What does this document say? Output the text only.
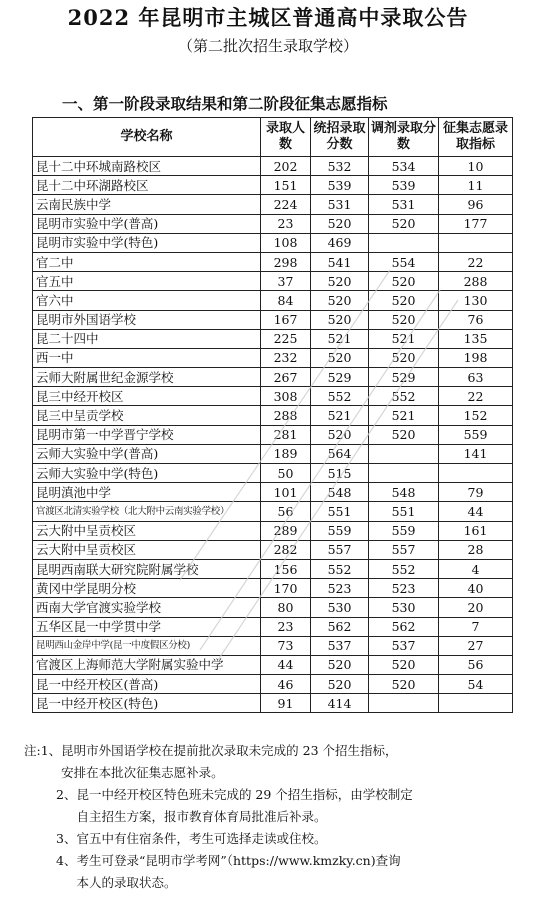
2022 年昆明市主城区普通高中录取公告
（第二批次招生录取学校）
一、第一阶段录取结果和第二阶段征集志愿指标
学校名称	录取人数	统招录取分数	调剂录取分数	征集志愿录取指标
昆十二中环城南路校区	202	532	534	10
昆十二中环湖路校区	151	539	539	11
云南民族中学	224	531	531	96
昆明市实验中学(普高)	23	520	520	177
昆明市实验中学(特色)	108	469		
官二中	298	541	554	22
官五中	37	520	520	288
官六中	84	520	520	130
昆明市外国语学校	167	520	520	76
昆二十四中	225	521	521	135
西一中	232	520	520	198
云师大附属世纪金源学校	267	529	529	63
昆三中经开校区	308	552	552	22
昆三中呈贡学校	288	521	521	152
昆明市第一中学晋宁学校	281	520	520	559
云师大实验中学(普高)	189	564		141
云师大实验中学(特色)	50	515		
昆明滇池中学	101	548	548	79
官渡区北清实验学校（北大附中云南实验学校）	56	551	551	44
云大附中呈贡校区	289	559	559	161
云大附中呈贡校区	282	557	557	28
昆明西南联大研究院附属学校	156	552	552	4
黄冈中学昆明分校	170	523	523	40
西南大学官渡实验学校	80	530	530	20
五华区昆一中学贯中学	23	562	562	7
昆明西山金岸中学(昆一中度假区分校)	73	537	537	27
官渡区上海师范大学附属实验中学	44	520	520	56
昆一中经开校区(普高)	46	520	520	54
昆一中经开校区(特色)	91	414		
注:1、 昆明市外国语学校在提前批次录取未完成的 23 个招生指标，
安排在本批次征集志愿补录。
2、 昆一中经开校区特色班未完成的 29 个招生指标，由学校制定
自主招生方案，报市教育体育局批准后补录。
3、 官五中有住宿条件，考生可选择走读或住校。
4、 考生可登录“昆明市学考网”（https://www.kmzky.cn)查询
本人的录取状态。
